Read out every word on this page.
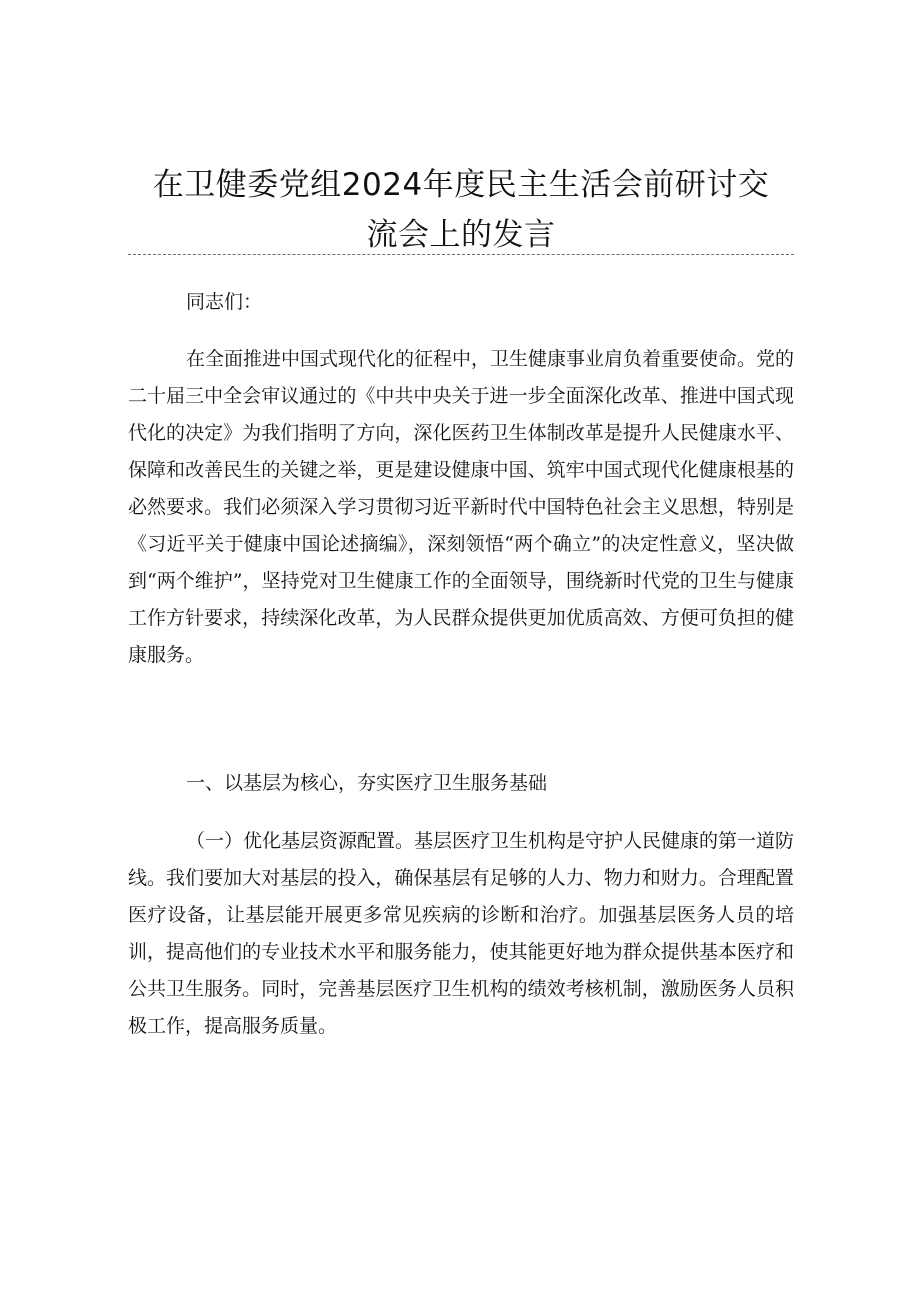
在卫健委党组2024年度民主生活会前研讨交
流会上的发言

同志们：

在全面推进中国式现代化的征程中，卫生健康事业肩负着重要使命。党的二十届三中全会审议通过的《中共中央关于进一步全面深化改革、推进中国式现代化的决定》为我们指明了方向，深化医药卫生体制改革是提升人民健康水平、保障和改善民生的关键之举，更是建设健康中国、筑牢中国式现代化健康根基的必然要求。我们必须深入学习贯彻习近平新时代中国特色社会主义思想，特别是《习近平关于健康中国论述摘编》，深刻领悟“两个确立”的决定性意义，坚决做到“两个维护”，坚持党对卫生健康工作的全面领导，围绕新时代党的卫生与健康工作方针要求，持续深化改革，为人民群众提供更加优质高效、方便可负担的健康服务。

一、以基层为核心，夯实医疗卫生服务基础

（一）优化基层资源配置。基层医疗卫生机构是守护人民健康的第一道防线。我们要加大对基层的投入，确保基层有足够的人力、物力和财力。合理配置医疗设备，让基层能开展更多常见疾病的诊断和治疗。加强基层医务人员的培训，提高他们的专业技术水平和服务能力，使其能更好地为群众提供基本医疗和公共卫生服务。同时，完善基层医疗卫生机构的绩效考核机制，激励医务人员积极工作，提高服务质量。
